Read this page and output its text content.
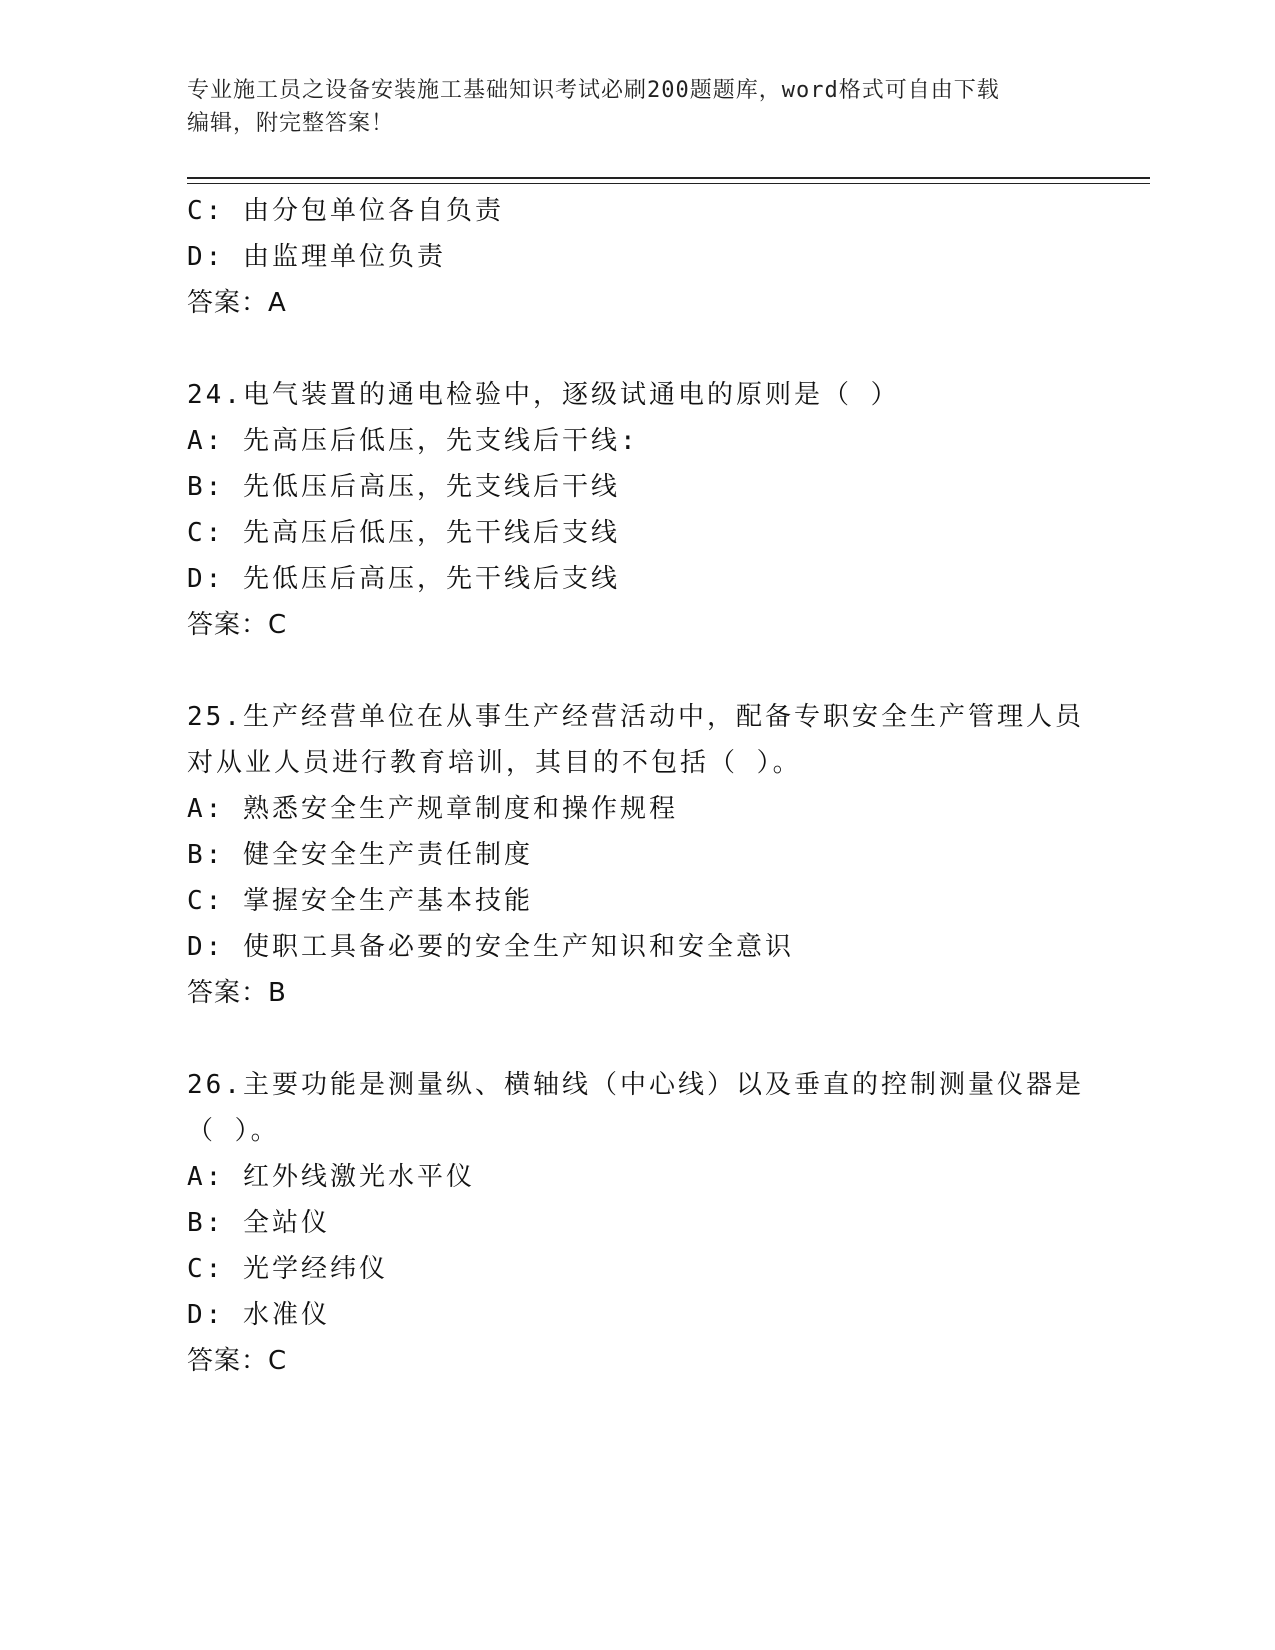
专业施工员之设备安装施工基础知识考试必刷200题题库，word格式可自由下载
编辑，附完整答案！
C: 由分包单位各自负责
D: 由监理单位负责
答案：A
24.电气装置的通电检验中，逐级试通电的原则是（ ）
A: 先高压后低压，先支线后干线:
B: 先低压后高压，先支线后干线
C: 先高压后低压，先干线后支线
D: 先低压后高压，先干线后支线
答案：C
25.生产经营单位在从事生产经营活动中，配备专职安全生产管理人员
对从业人员进行教育培训，其目的不包括（ ）。
A: 熟悉安全生产规章制度和操作规程
B: 健全安全生产责任制度
C: 掌握安全生产基本技能
D: 使职工具备必要的安全生产知识和安全意识
答案：B
26.主要功能是测量纵、横轴线（中心线）以及垂直的控制测量仪器是
（ ）。
A: 红外线激光水平仪
B: 全站仪
C: 光学经纬仪
D: 水准仪
答案：C
